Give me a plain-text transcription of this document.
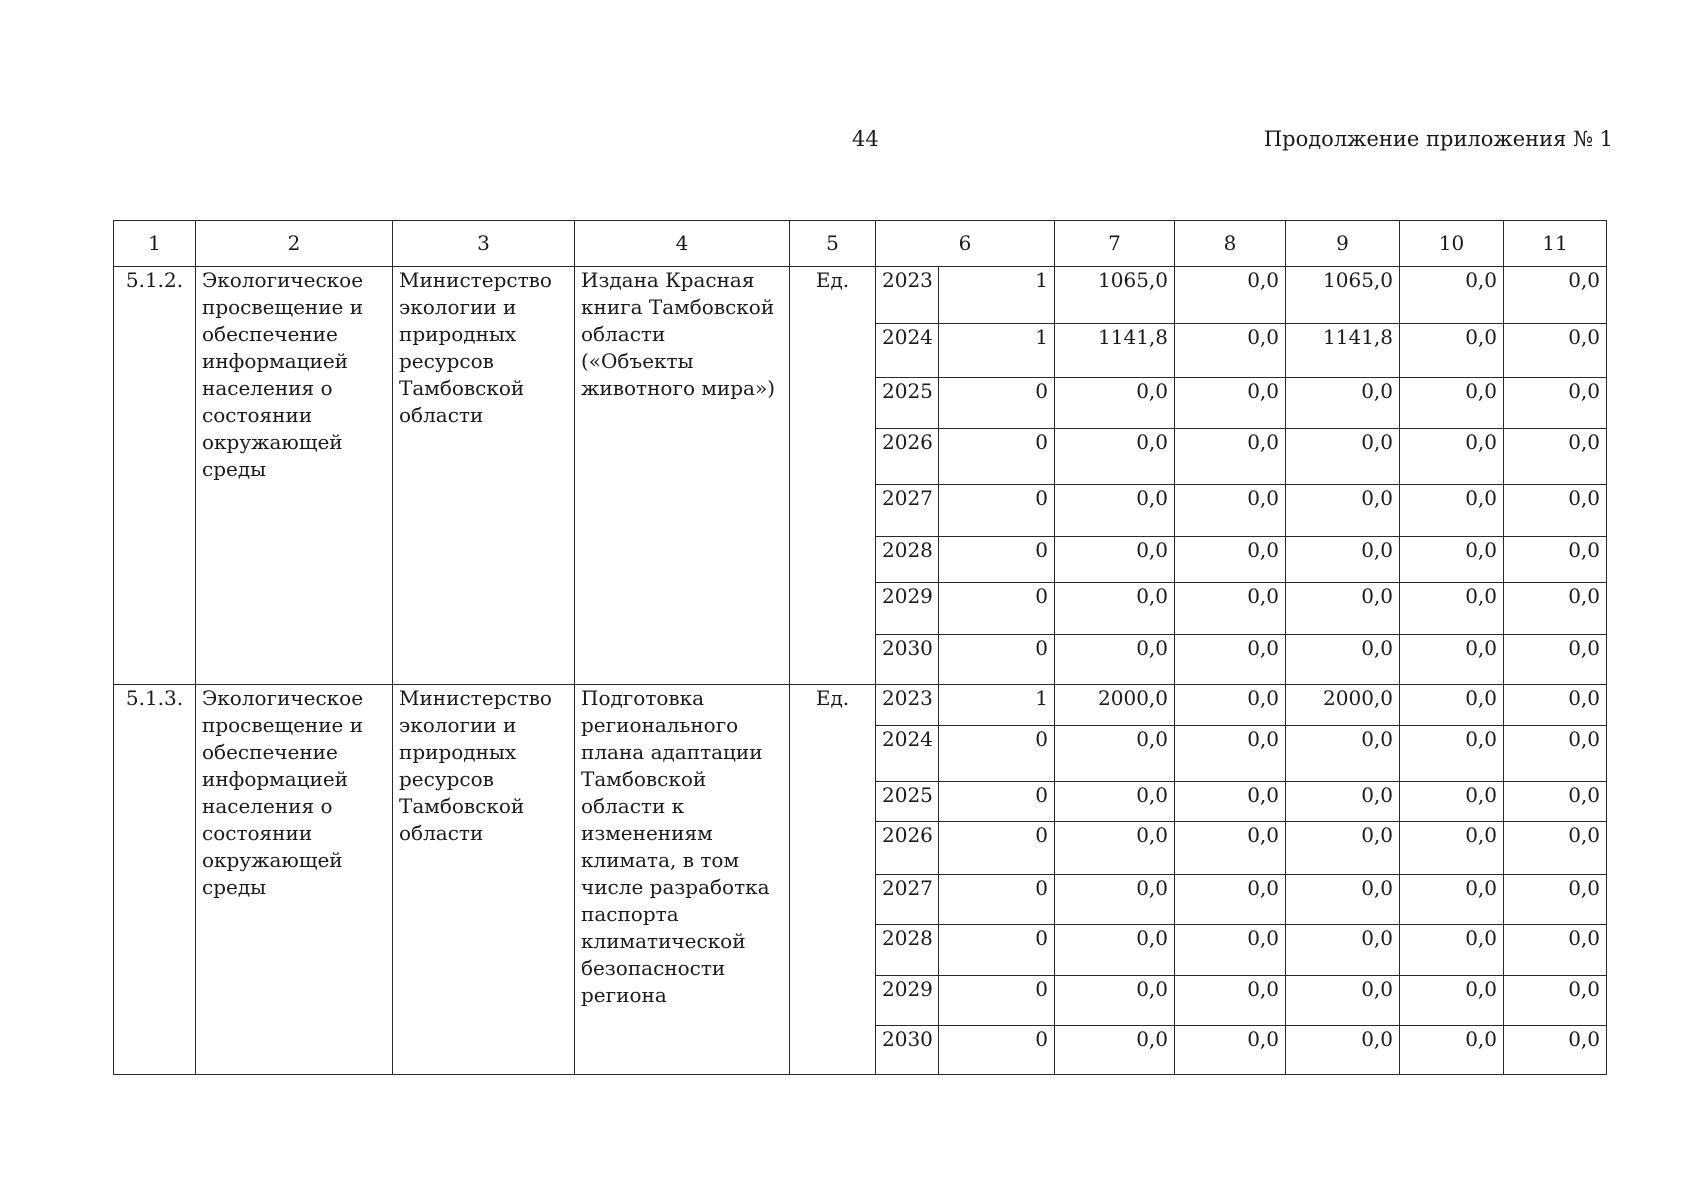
44	Продолжение приложения № 1
1	2	3	4	5	6		7	8	9	10	11
5.1.2.	Экологическое просвещение и обеспечение информацией населения о состоянии окружающей среды	Министерство экологии и природных ресурсов Тамбовской области	Издана Красная книга Тамбовской области («Объекты животного мира»)	Ед.	2023	1	1065,0	0,0	1065,0	0,0	0,0
					2024	1	1141,8	0,0	1141,8	0,0	0,0
					2025	0	0,0	0,0	0,0	0,0	0,0
					2026	0	0,0	0,0	0,0	0,0	0,0
					2027	0	0,0	0,0	0,0	0,0	0,0
					2028	0	0,0	0,0	0,0	0,0	0,0
					2029	0	0,0	0,0	0,0	0,0	0,0
					2030	0	0,0	0,0	0,0	0,0	0,0
5.1.3.	Экологическое просвещение и обеспечение информацией населения о состоянии окружающей среды	Министерство экологии и природных ресурсов Тамбовской области	Подготовка регионального плана адаптации Тамбовской области к изменениям климата, в том числе разработка паспорта климатической безопасности региона	Ед.	2023	1	2000,0	0,0	2000,0	0,0	0,0
					2024	0	0,0	0,0	0,0	0,0	0,0
					2025	0	0,0	0,0	0,0	0,0	0,0
					2026	0	0,0	0,0	0,0	0,0	0,0
					2027	0	0,0	0,0	0,0	0,0	0,0
					2028	0	0,0	0,0	0,0	0,0	0,0
					2029	0	0,0	0,0	0,0	0,0	0,0
					2030	0	0,0	0,0	0,0	0,0	0,0
